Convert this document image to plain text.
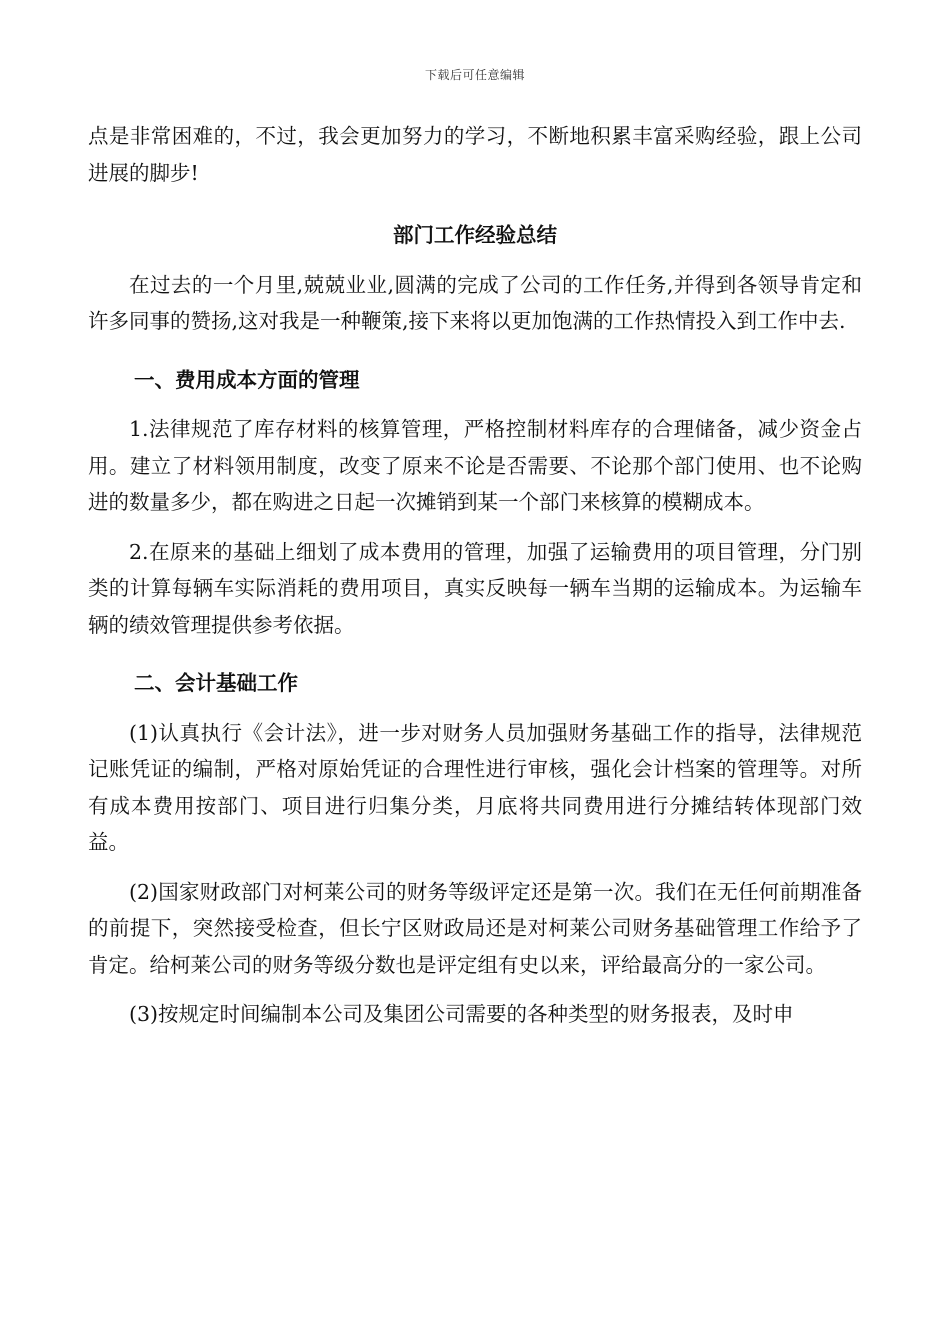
下载后可任意编辑

点是非常困难的，不过，我会更加努力的学习，不断地积累丰富采购经验，跟上公司进展的脚步!

部门工作经验总结

在过去的一个月里,兢兢业业,圆满的完成了公司的工作任务,并得到各领导肯定和许多同事的赞扬,这对我是一种鞭策,接下来将以更加饱满的工作热情投入到工作中去.

一、费用成本方面的管理

1.法律规范了库存材料的核算管理，严格控制材料库存的合理储备，减少资金占用。建立了材料领用制度，改变了原来不论是否需要、不论那个部门使用、也不论购进的数量多少，都在购进之日起一次摊销到某一个部门来核算的模糊成本。

2.在原来的基础上细划了成本费用的管理，加强了运输费用的项目管理，分门别类的计算每辆车实际消耗的费用项目，真实反映每一辆车当期的运输成本。为运输车辆的绩效管理提供参考依据。

二、会计基础工作

(1)认真执行《会计法》，进一步对财务人员加强财务基础工作的指导，法律规范记账凭证的编制，严格对原始凭证的合理性进行审核，强化会计档案的管理等。对所有成本费用按部门、项目进行归集分类，月底将共同费用进行分摊结转体现部门效益。

(2)国家财政部门对柯莱公司的财务等级评定还是第一次。我们在无任何前期准备的前提下，突然接受检查，但长宁区财政局还是对柯莱公司财务基础管理工作给予了肯定。给柯莱公司的财务等级分数也是评定组有史以来，评给最高分的一家公司。

(3)按规定时间编制本公司及集团公司需要的各种类型的财务报表，及时申
